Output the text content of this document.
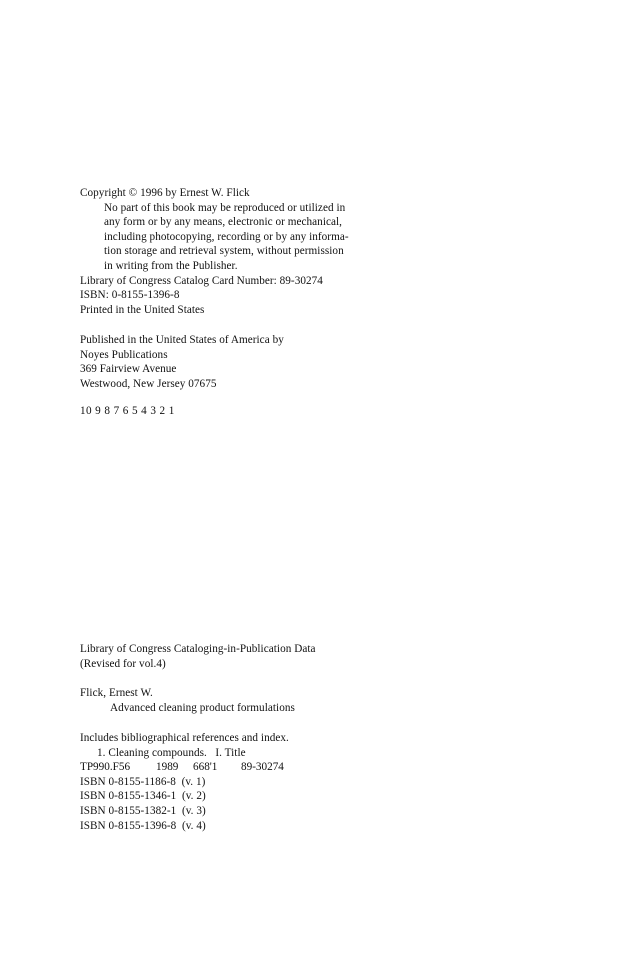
Copyright © 1996 by Ernest W. Flick
No part of this book may be reproduced or utilized in
any form or by any means, electronic or mechanical,
including photocopying, recording or by any informa-
tion storage and retrieval system, without permission
in writing from the Publisher.
Library of Congress Catalog Card Number: 89-30274
ISBN: 0-8155-1396-8
Printed in the United States
Published in the United States of America by
Noyes Publications
369 Fairview Avenue
Westwood, New Jersey 07675
10 9 8 7 6 5 4 3 2 1
Library of Congress Cataloging-in-Publication Data
(Revised for vol.4)
Flick, Ernest W.
Advanced cleaning product formulations
Includes bibliographical references and index.
1. Cleaning compounds.   I. Title
TP990.F56 1989 668'1 89-30274
ISBN 0-8155-1186-8  (v. 1)
ISBN 0-8155-1346-1  (v. 2)
ISBN 0-8155-1382-1  (v. 3)
ISBN 0-8155-1396-8  (v. 4)
